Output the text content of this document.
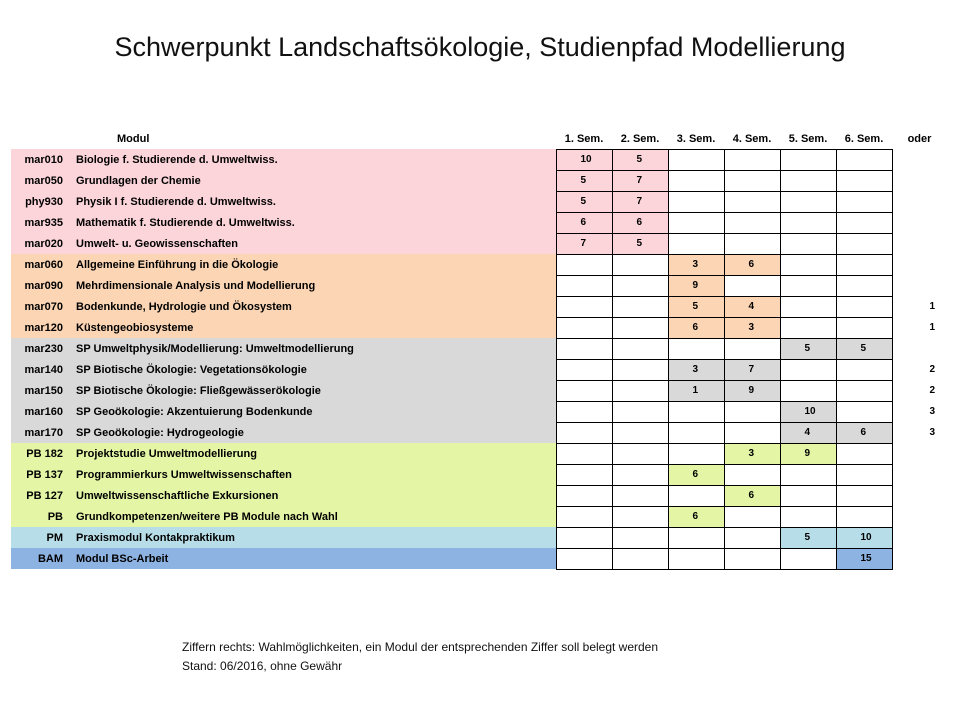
Schwerpunkt Landschaftsökologie, Studienpfad Modellierung
	Modul		1. Sem.	2. Sem.	3. Sem.	4. Sem.	5. Sem.	6. Sem.	oder
mar010	Biologie f. Studierende d. Umweltwiss.		10	5					

mar050	Grundlagen der Chemie		5	7					

phy930	Physik I f. Studierende d. Umweltwiss.		5	7					

mar935	Mathematik f. Studierende d. Umweltwiss.		6	6					

mar020	Umwelt- u. Geowissenschaften		7	5					

mar060	Allgemeine Einführung in die Ökologie				3	6			

mar090	Mehrdimensionale Analysis und Modellierung				9				

mar070	Bodenkunde, Hydrologie und Ökosystem				5	4			1
mar120	Küstengeobiosysteme				6	3			1
mar230	SP Umweltphysik/Modellierung: Umweltmodellierung						5	5	

mar140	SP Biotische Ökologie: Vegetationsökologie				3	7			2
mar150	SP Biotische Ökologie: Fließgewässerökologie				1	9			2
mar160	SP Geoökologie: Akzentuierung Bodenkunde						10		3
mar170	SP Geoökologie: Hydrogeologie						4	6	3
PB 182	Projektstudie Umweltmodellierung					3	9		

PB 137	Programmierkurs Umweltwissenschaften				6				

PB 127	Umweltwissenschaftliche Exkursionen					6			

PB	Grundkompetenzen/weitere PB Module nach Wahl				6				

PM	Praxismodul Kontakpraktikum						5	10	

BAM	Modul BSc-Arbeit							15	

Ziffern rechts: Wahlmöglichkeiten, ein Modul der entsprechenden Ziffer soll belegt werden
Stand: 06/2016, ohne Gewähr
